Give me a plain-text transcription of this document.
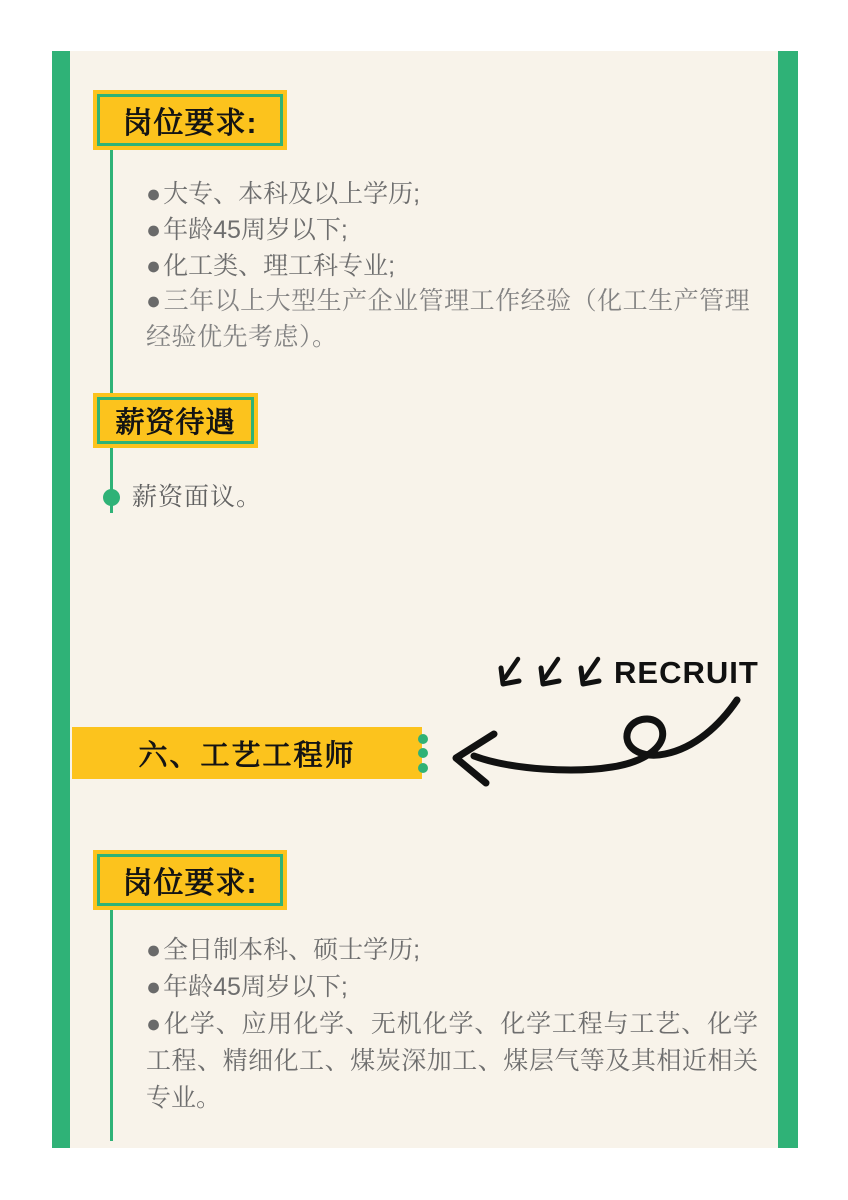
岗位要求:

●大专、本科及以上学历;

●年龄45周岁以下;

●化工类、理工科专业;

●三年以上大型生产企业管理工作经验（化工生产管理经验优先考虑）。

薪资待遇
薪资面议。
RECRUIT
六、工艺工程师
岗位要求:

●全日制本科、硕士学历;

●年龄45周岁以下;

●化学、应用化学、无机化学、化学工程与工艺、化学工程、精细化工、煤炭深加工、煤层气等及其相近相关专业。
